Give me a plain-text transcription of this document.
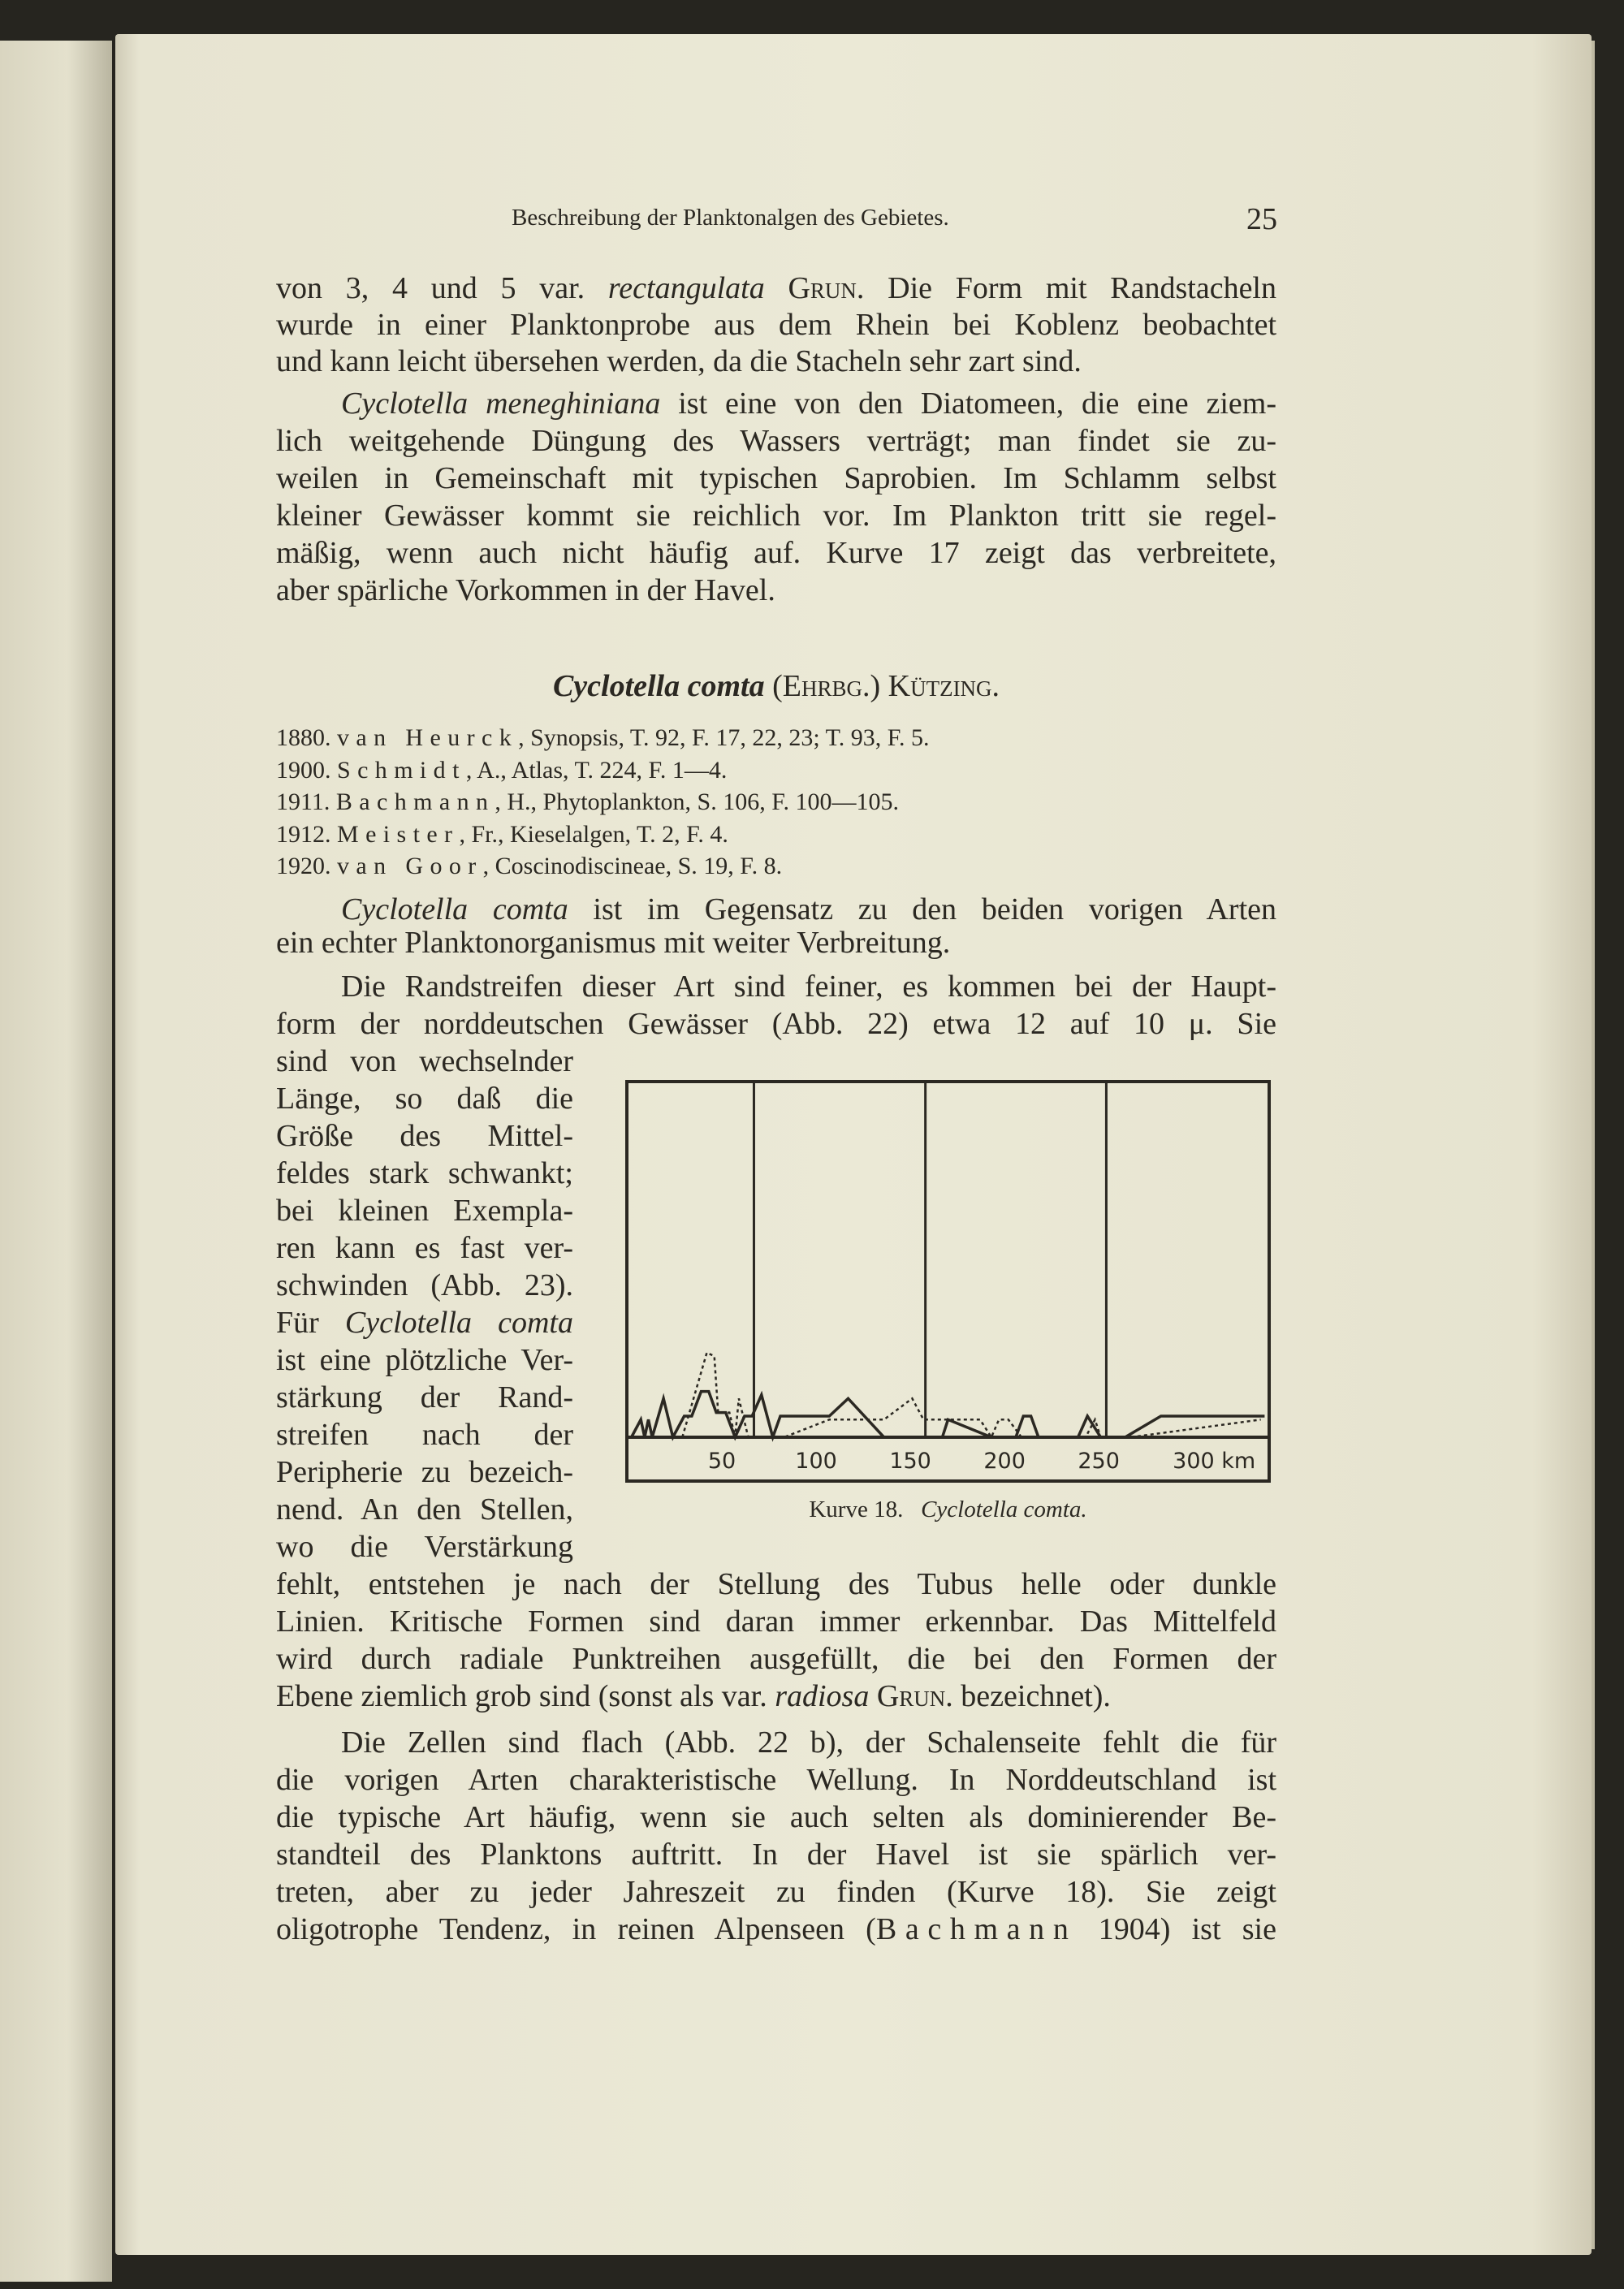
Beschreibung der Planktonalgen des Gebietes.	25
Cyclotella comta (Ehrbg.) Kützing.
von 3, 4 und 5 var. rectangulata Grun. Die Form mit Randstacheln
wurde in einer Planktonprobe aus dem Rhein bei Koblenz beobachtet
und kann leicht übersehen werden, da die Stacheln sehr zart sind.
Cyclotella meneghiniana ist eine von den Diatomeen, die eine ziem-
lich weitgehende Düngung des Wassers verträgt; man findet sie zu-
weilen in Gemeinschaft mit typischen Saprobien. Im Schlamm selbst
kleiner Gewässer kommt sie reichlich vor. Im Plankton tritt sie regel-
mäßig, wenn auch nicht häufig auf. Kurve 17 zeigt das verbreitete,
aber spärliche Vorkommen in der Havel.
Cyclotella comta ist im Gegensatz zu den beiden vorigen Arten
ein echter Planktonorganismus mit weiter Verbreitung.
Die Randstreifen dieser Art sind feiner, es kommen bei der Haupt-
form der norddeutschen Gewässer (Abb. 22) etwa 12 auf 10 μ. Sie
sind von wechselnder
Länge, so daß die
Größe des Mittel-
feldes stark schwankt;
bei kleinen Exempla-
ren kann es fast ver-
schwinden (Abb. 23).
Für Cyclotella comta
ist eine plötzliche Ver-
stärkung der Rand-
streifen nach der
Peripherie zu bezeich-
nend. An den Stellen,
wo die Verstärkung
fehlt, entstehen je nach der Stellung des Tubus helle oder dunkle
Linien. Kritische Formen sind daran immer erkennbar. Das Mittelfeld
wird durch radiale Punktreihen ausgefüllt, die bei den Formen der
Ebene ziemlich grob sind (sonst als var. radiosa Grun. bezeichnet).
Die Zellen sind flach (Abb. 22 b), der Schalenseite fehlt die für
die vorigen Arten charakteristische Wellung. In Norddeutschland ist
die typische Art häufig, wenn sie auch selten als dominierender Be-
standteil des Planktons auftritt. In der Havel ist sie spärlich ver-
treten, aber zu jeder Jahreszeit zu finden (Kurve 18). Sie zeigt
oligotrophe Tendenz, in reinen Alpenseen (Bachmann 1904) ist sie
1880. van Heurck, Synopsis, T. 92, F. 17, 22, 23; T. 93, F. 5.
1900. Schmidt, A., Atlas, T. 224, F. 1—4.
1911. Bachmann, H., Phytoplankton, S. 106, F. 100—105.
1912. Meister, Fr., Kieselalgen, T. 2, F. 4.
1920. van Goor, Coscinodiscineae, S. 19, F. 8.
50	100 150 200 250 300 km
Kurve 18. Cyclotella comta.
